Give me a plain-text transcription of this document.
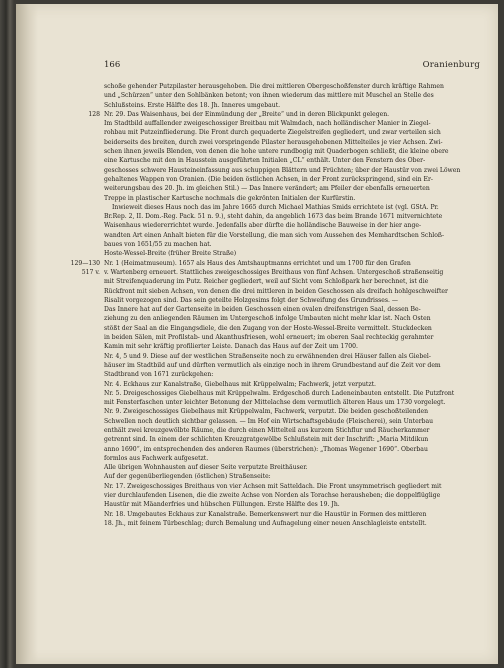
166	Oranienburg
schoße gehender Putzpilaster herausgehoben. Die drei mittleren Obergeschoßfenster durch kräftige Rahmen
und „Schürzen“ unter den Sohlbänken betont; von ihnen wiederum das mittlere mit Muschel an Stelle des
Schlußsteins. Erste Hälfte des 18. Jh. Inneres umgebaut.
128 Nr. 29. Das Waisenhaus, bei der Einmündung der „Breite“ und in deren Blickpunkt gelegen.
Im Stadtbild auffallender zweigeschossiger Breitbau mit Walmdach, nach holländischer Manier in Ziegel-
rohbau mit Putzeinfliederung. Die Front durch gequaderte Ziegelstreifen gegliedert, und zwar verteilen sich
beiderseits des breiten, durch zwei vorspringende Pilaster herausgehobenen Mittelteiles je vier Achsen. Zwi-
schen ihnen jeweils Blenden, von denen die hohe untere rundbogig mit Quaderbogen schließt, die kleine obere
eine Kartusche mit den in Hausstein ausgeführten Initialen „CL“ enthält. Unter den Fenstern des Ober-
geschosses schwere Hausteineinfassung aus schuppigen Blättern und Früchten; über der Haustür von zwei Löwen
gehaltenes Wappen von Oranien. (Die beiden östlichen Achsen, in der Front zurückspringend, sind ein Er-
weiterungsbau des 20. Jh. im gleichen Stil.) — Das Innere verändert; am Pfeiler der ebenfalls erneuerten
Treppe in plastischer Kartusche nochmals die gekrönten Initialen der Kurfürstin.
Inwieweit dieses Haus noch das im Jahre 1665 durch Michael Mathias Smids errichtete ist (vgl. GStA. Pr.
Br.Rep. 2, II. Dom.-Reg. Pack. 51 n. 9.), steht dahin, da angeblich 1673 das beim Brande 1671 mitvernichtete
Waisenhaus wiedererrichtet wurde. Jedenfalls aber dürfte die holländische Bauweise in der hier ange-
wandten Art einen Anhalt bieten für die Vorstellung, die man sich vom Aussehen des Memhardtschen Schloß-
baues von 1651/55 zu machen hat.
Hoste-Wessel-Breite (früher Breite Straße)
129—130 Nr. 1 (Heimatmuseum). 1657 als Haus des Amtshauptmanns errichtet und um 1700 für den Grafen
517 v. v. Wartenberg erneuert. Stattliches zweigeschossiges Breithaus von fünf Achsen. Untergeschoß straßenseitig
mit Streifenquaderung im Putz. Reicher gegliedert, weil auf Sicht vom Schloßpark her berechnet, ist die
Rückfront mit sieben Achsen, von denen die drei mittleren in beiden Geschossen als dreifach hohlgeschweifter
Risalit vorgezogen sind. Das sein geteilte Holzgesims folgt der Schweifung des Grundrisses. —
Das Innere hat auf der Gartenseite in beiden Geschossen einen ovalen dreifenstrigen Saal, dessen Be-
ziehung zu den anliegenden Räumen im Untergeschoß infolge Umbauten nicht mehr klar ist. Nach Osten
stößt der Saal an die Eingangsdiele, die den Zugang von der Hoste-Wessel-Breite vermittelt. Stuckdecken
in beiden Sälen, mit Profilstab- und Akanthusfriesen, wohl erneuert; im oberen Saal rechteckig gerahmter
Kamin mit sehr kräftig profilierter Leiste. Danach das Haus auf der Zeit um 1700.
Nr. 4, 5 und 9. Diese auf der westlichen Straßenseite noch zu erwähnenden drei Häuser fallen als Giebel-
häuser im Stadtbild auf und dürften vermutlich als einzige noch in ihrem Grundbestand auf die Zeit vor dem
Stadtbrand von 1671 zurückgehen:
Nr. 4. Eckhaus zur Kanalstraße, Giebelhaus mit Krüppelwalm; Fachwerk, jetzt verputzt.
Nr. 5. Dreigeschossiges Giebelhaus mit Krüppelwalm. Erdgeschoß durch Ladeneinbauten entstellt. Die Putzfront
mit Fensterfaschen unter leichter Betonung der Mittelachse dem vermutlich älteren Haus um 1730 vorgelegt.
Nr. 9. Zweigeschossiges Giebelhaus mit Krüppelwalm, Fachwerk, verputzt. Die beiden geschoßteilenden
Schwellen noch deutlich sichtbar gelassen. — Im Hof ein Wirtschaftsgebäude (Fleischerei), sein Unterbau
enthält zwei kreuzgewölbte Räume, die durch einen Mittelteil aus kurzem Stichflur und Räucherkammer
getrennt sind. In einem der schlichten Kreuzgratgewölbe Schlußstein mit der Inschrift: „Maria Mitdikun
anno 1690“, im entsprechenden des anderen Raumes (überstrichen): „Thomas Wegener 1690“. Oberbau
formlos aus Fachwerk aufgesetzt.
Alle übrigen Wohnhausten auf dieser Seite verputzte Breithäuser.
Auf der gegenüberliegenden (östlichen) Straßenseite:
Nr. 17. Zweigeschossiges Breithaus von vier Achsen mit Satteldach. Die Front unsymmetrisch gegliedert mit
vier durchlaufenden Lisenen, die die zweite Achse von Norden als Torachse herausheben; die doppelflüglige
Haustür mit Mäanderfries und hübschen Füllungen. Erste Hälfte des 19. Jh.
Nr. 18. Umgebautes Eckhaus zur Kanalstraße. Bemerkenswert nur die Haustür in Formen des mittleren
18. Jh., mit feinem Türbeschlag; durch Bemalung und Aufnagelung einer neuen Anschlagleiste entstellt.
